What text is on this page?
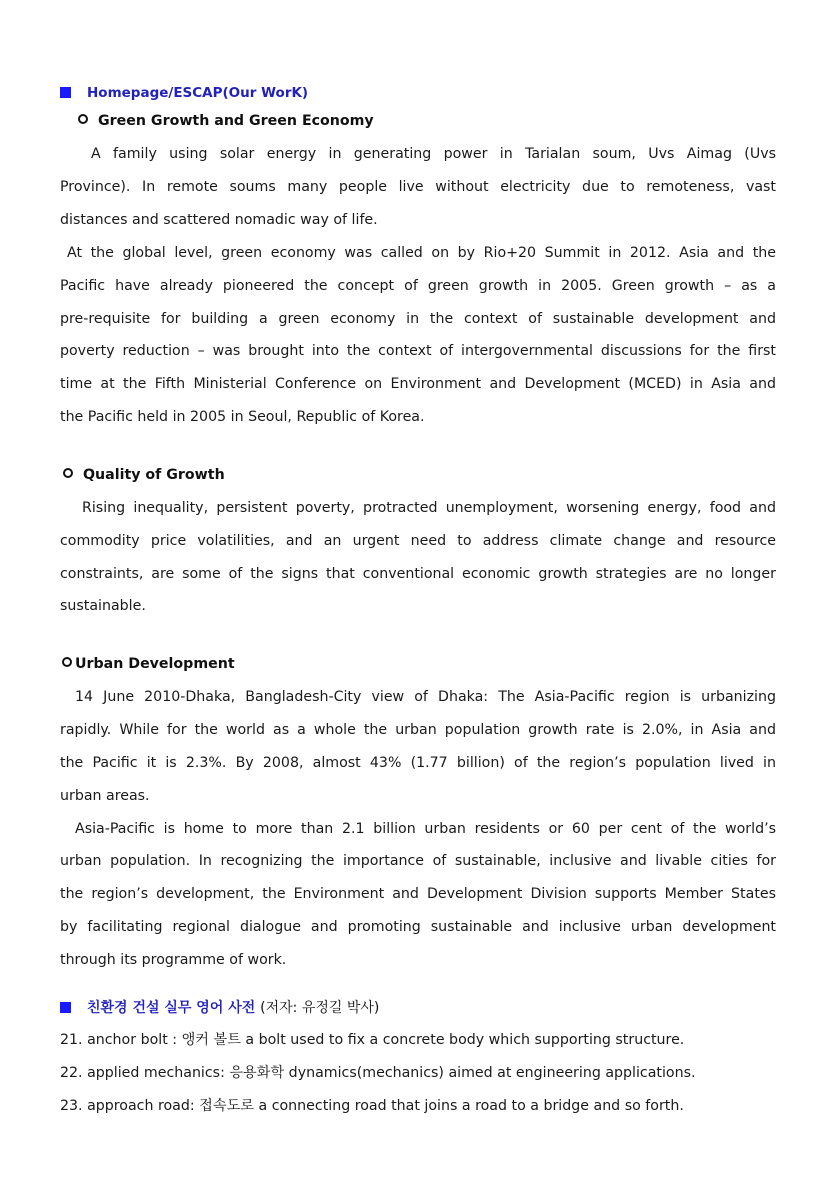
Homepage/ESCAP(Our WorK)
Green Growth and Green Economy
A family using solar energy in generating power in Tarialan soum, Uvs Aimag (Uvs
Province). In remote soums many people live without electricity due to remoteness, vast
distances and scattered nomadic way of life.
At the global level, green economy was called on by Rio+20 Summit in 2012. Asia and the
Pacific have already pioneered the concept of green growth in 2005. Green growth – as a
pre-requisite for building a green economy in the context of sustainable development and
poverty reduction – was brought into the context of intergovernmental discussions for the first
time at the Fifth Ministerial Conference on Environment and Development (MCED) in Asia and
the Pacific held in 2005 in Seoul, Republic of Korea.
Quality of Growth
Rising inequality, persistent poverty, protracted unemployment, worsening energy, food and
commodity price volatilities, and an urgent need to address climate change and resource
constraints, are some of the signs that conventional economic growth strategies are no longer
sustainable.
Urban Development
14 June 2010-Dhaka, Bangladesh-City view of Dhaka: The Asia-Pacific region is urbanizing
rapidly. While for the world as a whole the urban population growth rate is 2.0%, in Asia and
the Pacific it is 2.3%. By 2008, almost 43% (1.77 billion) of the region’s population lived in
urban areas.
Asia-Pacific is home to more than 2.1 billion urban residents or 60 per cent of the world’s
urban population. In recognizing the importance of sustainable, inclusive and livable cities for
the region’s development, the Environment and Development Division supports Member States
by facilitating regional dialogue and promoting sustainable and inclusive urban development
through its programme of work.
친환경 건설 실무 영어 사전 (저자: 유정길 박사)
21. anchor bolt : 앵커 볼트 a bolt used to fix a concrete body which supporting structure.
22. applied mechanics: 응용화학 dynamics(mechanics) aimed at engineering applications.
23. approach road: 접속도로 a connecting road that joins a road to a bridge and so forth.
